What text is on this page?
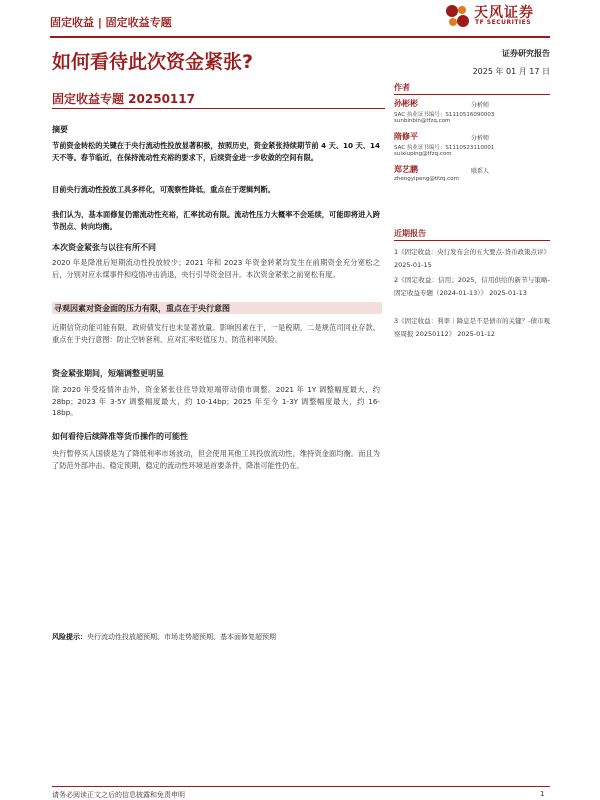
固定收益 | 固定收益专题
天风证券
TF SECURITIES
如何看待此次资金紧张?
固定收益专题 20250117
证券研究报告
2025 年 01 月 17 日
作者
孙彬彬	分析师
SAC 执业证书编号：S1110516090003
sunbinbin@tfzq.com
隋修平	分析师
SAC 执业证书编号：S1110523110001
suixiuping@tfzq.com
郑艺鹏	联系人
zhengyipeng@tfzq.com
近期报告
1《固定收益：央行发布会的五大要点-货币政策点评》 2025-01-15
2《固定收益：信用；2025，信用供给的新节与策略-固定收益专题（2024-01-13）》 2025-01-13
3《固定收益：利率｜降息是不是债市的关键？-债市观察周报 20250112》 2025-01-12
摘要
节前资金转松的关键在于央行流动性投放显著积极，按照历史，资金紧张持续期节前 4 天、10 天、14 天不等。春节临近，在保持流动性充裕的要求下，后续资金进一步收敛的空间有限。
目前央行流动性投放工具多样化，可观察性降低，重点在于逻辑判断。
我们认为，基本面修复仍需流动性充裕，汇率扰动有限。流动性压力大概率不会延续，可能即将进入跨节拐点、转向均衡。
本次资金紧张与以往有所不同
2020 年是降准后短期流动性投放较少；2021 年和 2023 年资金转紧均发生在前期资金充分宽松之后，分别对应永煤事件和疫情冲击消退，央行引导资金回升。本次资金紧张之前宽松有度。
寻观因素对资金面的压力有限，重点在于央行意图
近期信贷动能可能有限，政府债发行也未显著放量。影响因素在于，一是税期，二是规范司同业存款。重点在于央行意图：防止空转套利、应对汇率贬值压力、防范利率风险。
资金紧张期间，短端调整更明显
除 2020 年受疫情冲击外，资金紧张往往导致短端带动债市调整。2021 年 1Y 调整幅度最大，约 28bp；2023 年 3-5Y 调整幅度最大，约 10-14bp；2025 年至今 1-3Y 调整幅度最大，约 16-18bp。
如何看待后续降准等货币操作的可能性
央行暂停买入国债是为了降低利率市场波动，但会使用其他工具投放流动性，维持资金面均衡。而且为了防范外部冲击、稳定预期，稳定的流动性环境是首要条件，降准可能性仍在。
风险提示：央行流动性投放超预期、市场走势超预期、基本面修复超预期
请务必阅读正文之后的信息披露和免责申明	1
